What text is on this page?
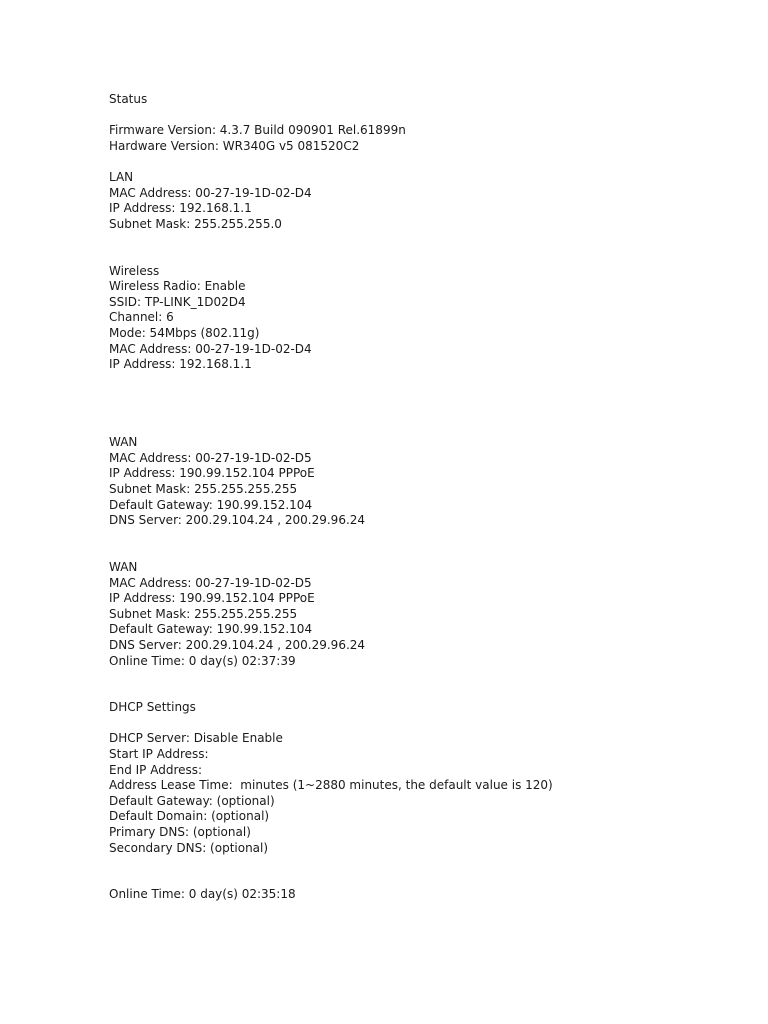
Status
Firmware Version: 4.3.7 Build 090901 Rel.61899n
Hardware Version: WR340G v5 081520C2
LAN
MAC Address: 00-27-19-1D-02-D4
IP Address: 192.168.1.1
Subnet Mask: 255.255.255.0
Wireless
Wireless Radio: Enable
SSID: TP-LINK_1D02D4
Channel: 6
Mode: 54Mbps (802.11g)
MAC Address: 00-27-19-1D-02-D4
IP Address: 192.168.1.1
WAN
MAC Address: 00-27-19-1D-02-D5
IP Address: 190.99.152.104 PPPoE
Subnet Mask: 255.255.255.255
Default Gateway: 190.99.152.104
DNS Server: 200.29.104.24 , 200.29.96.24
WAN
MAC Address: 00-27-19-1D-02-D5
IP Address: 190.99.152.104 PPPoE
Subnet Mask: 255.255.255.255
Default Gateway: 190.99.152.104
DNS Server: 200.29.104.24 , 200.29.96.24
Online Time: 0 day(s) 02:37:39
DHCP Settings
DHCP Server: Disable Enable
Start IP Address:
End IP Address:
Address Lease Time:  minutes (1~2880 minutes, the default value is 120)
Default Gateway: (optional)
Default Domain: (optional)
Primary DNS: (optional)
Secondary DNS: (optional)
Online Time: 0 day(s) 02:35:18
